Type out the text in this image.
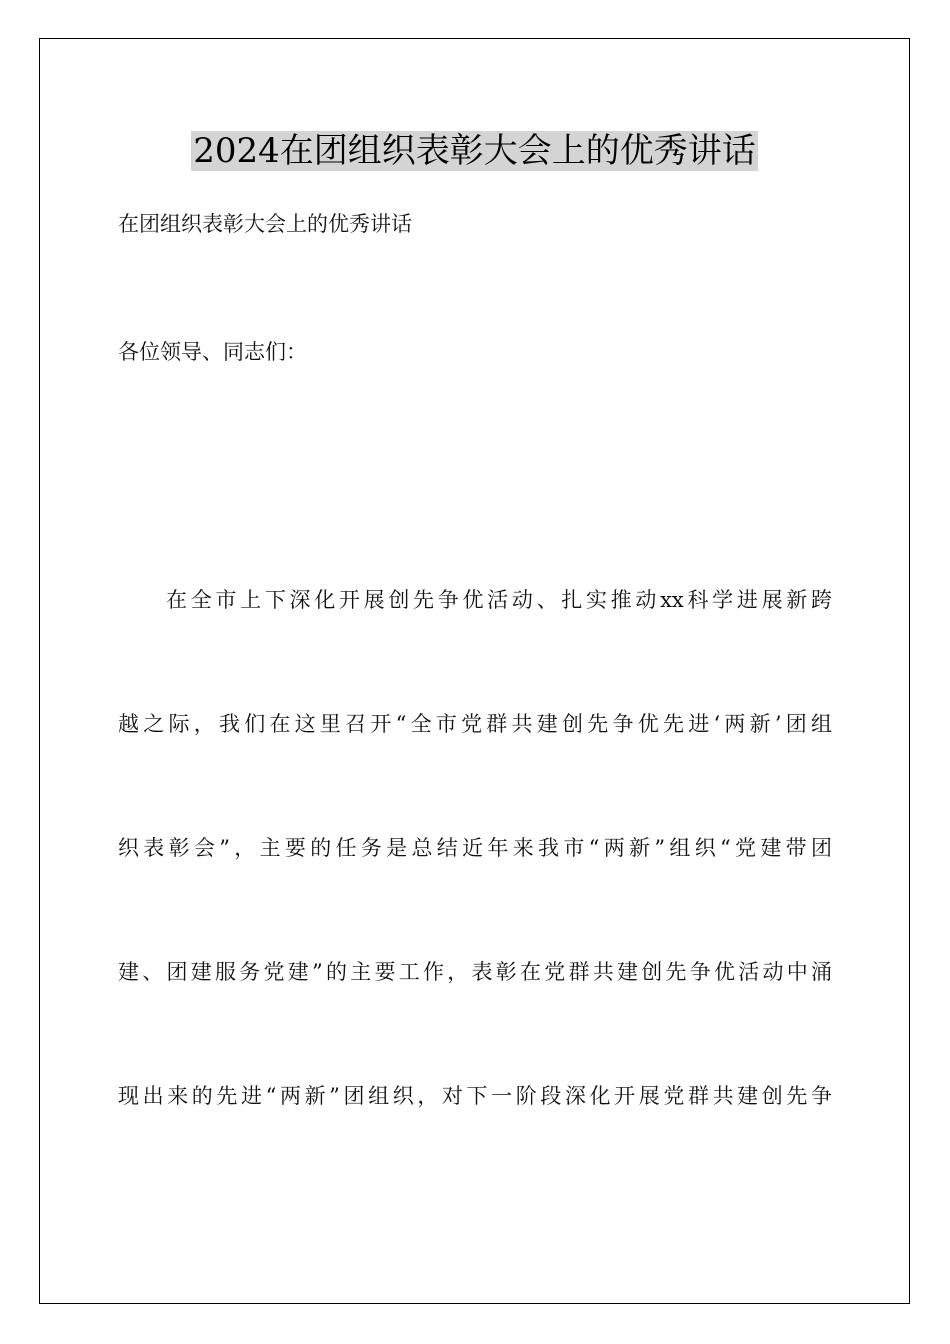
2024在团组织表彰大会上的优秀讲话
在团组织表彰大会上的优秀讲话
各位领导、同志们：
在全市上下深化开展创先争优活动、扎实推动xx科学进展新跨
越之际，我们在这里召开“全市党群共建创先争优先进‘两新’团组
织表彰会”，主要的任务是总结近年来我市“两新”组织“党建带团
建、团建服务党建”的主要工作，表彰在党群共建创先争优活动中涌
现出来的先进“两新”团组织，对下一阶段深化开展党群共建创先争
